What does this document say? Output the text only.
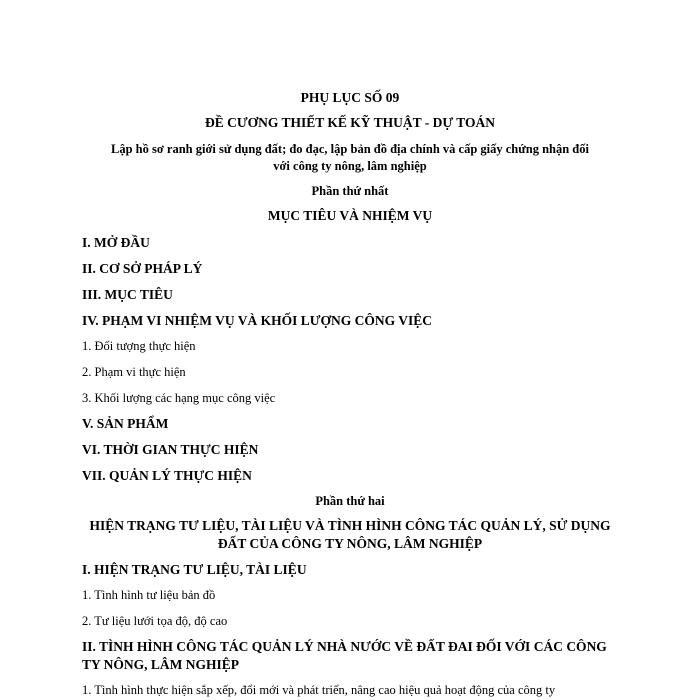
PHỤ LỤC SỐ 09

ĐỀ CƯƠNG THIẾT KẾ KỸ THUẬT - DỰ TOÁN

Lập hồ sơ ranh giới sử dụng đất; đo đạc, lập bản đồ địa chính và cấp giấy chứng nhận đối

với công ty nông, lâm nghiệp

Phần thứ nhất

MỤC TIÊU VÀ NHIỆM VỤ

I. MỞ ĐẦU

II. CƠ SỞ PHÁP LÝ

III. MỤC TIÊU

IV. PHẠM VI NHIỆM VỤ VÀ KHỐI LƯỢNG CÔNG VIỆC

1. Đối tượng thực hiện

2. Phạm vi thực hiện

3. Khối lượng các hạng mục công việc

V. SẢN PHẨM

VI. THỜI GIAN THỰC HIỆN

VII. QUẢN LÝ THỰC HIỆN

Phần thứ hai

HIỆN TRẠNG TƯ LIỆU, TÀI LIỆU VÀ TÌNH HÌNH CÔNG TÁC QUẢN LÝ, SỬ DỤNG

ĐẤT CỦA CÔNG TY NÔNG, LÂM NGHIỆP

I. HIỆN TRẠNG TƯ LIỆU, TÀI LIỆU

1. Tình hình tư liệu bản đồ

2. Tư liệu lưới tọa độ, độ cao

II. TÌNH HÌNH CÔNG TÁC QUẢN LÝ NHÀ NƯỚC VỀ ĐẤT ĐAI ĐỐI VỚI CÁC CÔNG

TY NÔNG, LÂM NGHIỆP

1. Tình hình thực hiện sắp xếp, đổi mới và phát triển, nâng cao hiệu quả hoạt động của công ty
